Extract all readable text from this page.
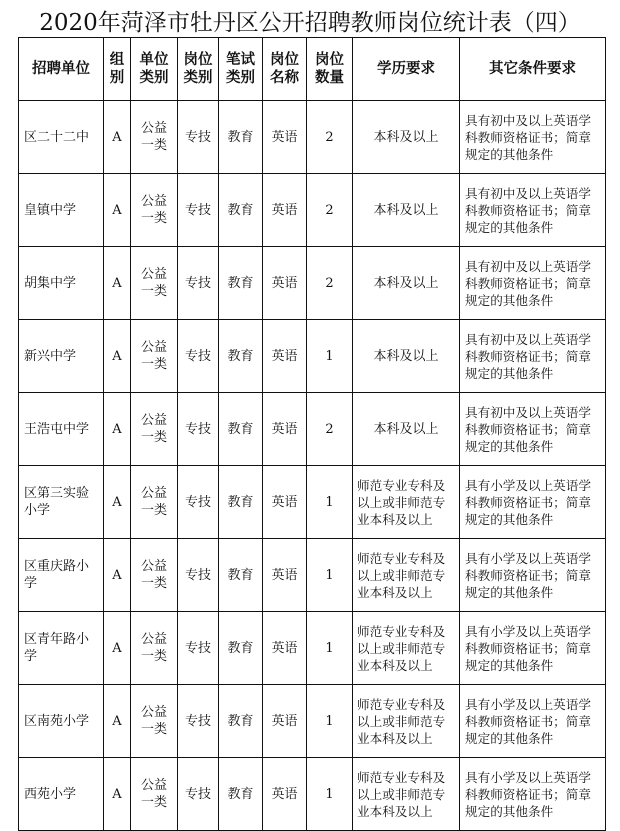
2020年菏泽市牡丹区公开招聘教师岗位统计表（四）
招聘单位	组别	单位类别	岗位类别	笔试类别	岗位名称	岗位数量	学历要求	其它条件要求
区二十二中	A	公益一类	专技	教育	英语	2	本科及以上	具有初中及以上英语学科教师资格证书；简章规定的其他条件
皇镇中学	A	公益一类	专技	教育	英语	2	本科及以上	具有初中及以上英语学科教师资格证书；简章规定的其他条件
胡集中学	A	公益一类	专技	教育	英语	2	本科及以上	具有初中及以上英语学科教师资格证书；简章规定的其他条件
新兴中学	A	公益一类	专技	教育	英语	1	本科及以上	具有初中及以上英语学科教师资格证书；简章规定的其他条件
王浩屯中学	A	公益一类	专技	教育	英语	2	本科及以上	具有初中及以上英语学科教师资格证书；简章规定的其他条件
区第三实验小学	A	公益一类	专技	教育	英语	1	师范专业专科及以上或非师范专业本科及以上	具有小学及以上英语学科教师资格证书；简章规定的其他条件
区重庆路小学	A	公益一类	专技	教育	英语	1	师范专业专科及以上或非师范专业本科及以上	具有小学及以上英语学科教师资格证书；简章规定的其他条件
区青年路小学	A	公益一类	专技	教育	英语	1	师范专业专科及以上或非师范专业本科及以上	具有小学及以上英语学科教师资格证书；简章规定的其他条件
区南苑小学	A	公益一类	专技	教育	英语	1	师范专业专科及以上或非师范专业本科及以上	具有小学及以上英语学科教师资格证书；简章规定的其他条件
西苑小学	A	公益一类	专技	教育	英语	1	师范专业专科及以上或非师范专业本科及以上	具有小学及以上英语学科教师资格证书；简章规定的其他条件
